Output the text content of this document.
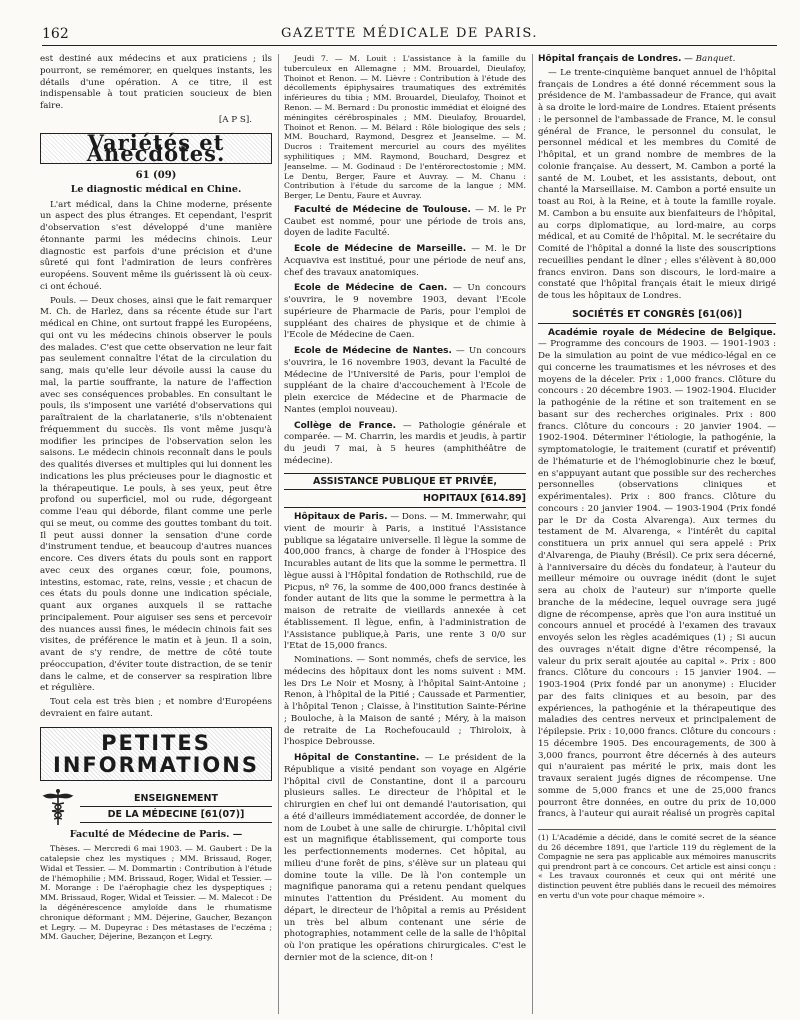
162	GAZETTE MÉDICALE DE PARIS.

est destiné aux médecins et aux praticiens ; ils pourront, se remémorer, en quelques instants, les détails d'une opération. A ce titre, il est indispensable à tout praticien soucieux de bien faire.

[A P S].
Variétés et Anecdotes.
61 (09)
Le diagnostic médical en Chine.

L'art médical, dans la Chine moderne, présente un aspect des plus étranges. Et cependant, l'esprit d'observation s'est développé d'une manière étonnante parmi les médecins chinois. Leur diagnostic est parfois d'une précision et d'une sûreté qui font l'admiration de leurs confrères européens. Souvent même ils guérissent là où ceux-ci ont échoué.

Pouls. — Deux choses, ainsi que le fait remarquer M. Ch. de Harlez, dans sa récente étude sur l'art médical en Chine, ont surtout frappé les Européens, qui ont vu les médecins chinois observer le pouls des malades. C'est que cette observation ne leur fait pas seulement connaître l'état de la circulation du sang, mais qu'elle leur dévoile aussi la cause du mal, la partie souffrante, la nature de l'affection avec ses conséquences probables. En consultant le pouls, ils s'imposent une variété d'observations qui paraîtraient de la charlatanerie, s'ils n'obtenaient fréquemment du succès. Ils vont même jusqu'à modifier les principes de l'observation selon les saisons. Le médecin chinois reconnaît dans le pouls des qualités diverses et multiples qui lui donnent les indications les plus précieuses pour le diagnostic et la thérapeutique. Le pouls, à ses yeux, peut être profond ou superficiel, mol ou rude, dégorgeant comme l'eau qui déborde, filant comme une perle qui se meut, ou comme des gouttes tombant du toit. Il peut aussi donner la sensation d'une corde d'instrument tendue, et beaucoup d'autres nuances encore. Ces divers états du pouls sont en rapport avec ceux des organes cœur, foie, poumons, intestins, estomac, rate, reins, vessie ; et chacun de ces états du pouls donne une indication spéciale, quant aux organes auxquels il se rattache principalement. Pour aiguiser ses sens et percevoir des nuances aussi fines, le médecin chinois fait ses visites, de préférence le matin et à jeun. Il a soin, avant de s'y rendre, de mettre de côté toute préoccupation, d'éviter toute distraction, de se tenir dans le calme, et de conserver sa respiration libre et régulière.

Tout cela est très bien ; et nombre d'Européens devraient en faire autant.

PETITES
INFORMATIONS
ENSEIGNEMENT
DE LA MÉDECINE [61(07)]
Faculté de Médecine de Paris. —

Thèses. — Mercredi 6 mai 1903. — M. Gaubert : De la catalepsie chez les mystiques ; MM. Brissaud, Roger, Widal et Tessier. — M. Dommartin : Contribution à l'étude de l'hémophilie ; MM. Brissaud, Roger, Widal et Tessier. — M. Morange : De l'aérophagie chez les dyspeptiques ; MM. Brissaud, Roger, Widal et Teissier. — M. Malecot : De la dégénérescence amyloïde dans le rhumatisme chronique déformant ; MM. Déjerine, Gaucher, Bezançon et Legry. — M. Dupeyrac : Des métastases de l'eczéma ; MM. Gaucher, Déjerine, Bezançon et Legry.

Jeudi 7. — M. Louit : L'assistance à la famille du tuberculeux en Allemagne ; MM. Brouardel, Dieulafoy, Thoinot et Renon. — M. Lièvre : Contribution à l'étude des décollements épiphysaires traumatiques des extrémités inférieures du tibia ; MM. Brouardel, Dieulafoy, Thoinot et Renon. — M. Bernard : Du pronostic immédiat et éloigné des méningites cérébrospinales ; MM. Dieulafoy, Brouardel, Thoinot et Renon. — M. Bélard : Rôle biologique des sels ; MM. Bouchard, Raymond, Desgrez et Jeanselme. — M. Ducros : Traitement mercuriel au cours des myélites syphilitiques ; MM. Raymond, Bouchard, Desgrez et Jeanselme. — M. Godinaud : De l'entérorectostomie ; MM. Le Dentu, Berger, Faure et Auvray. — M. Chanu : Contribution à l'étude du sarcome de la langue ; MM. Berger, Le Dentu, Faure et Auvray.

Faculté de Médecine de Toulouse. — M. le Pr Caubet est nommé, pour une période de trois ans, doyen de ladite Faculté.

Ecole de Médecine de Marseille. — M. le Dr Acquaviva est institué, pour une période de neuf ans, chef des travaux anatomiques.

Ecole de Médecine de Caen. — Un concours s'ouvrira, le 9 novembre 1903, devant l'Ecole supérieure de Pharmacie de Paris, pour l'emploi de suppléant des chaires de physique et de chimie à l'Ecole de Médecine de Caen.

Ecole de Médecine de Nantes. — Un concours s'ouvrira, le 16 novembre 1903, devant la Faculté de Médecine de l'Université de Paris, pour l'emploi de suppléant de la chaire d'accouchement à l'Ecole de plein exercice de Médecine et de Pharmacie de Nantes (emploi nouveau).

Collège de France. — Pathologie générale et comparée. — M. Charrin, les mardis et jeudis, à partir du jeudi 7 mai, à 5 heures (amphithéâtre de médecine).

ASSISTANCE PUBLIQUE ET PRIVÉE,
HOPITAUX [614.89]

Hôpitaux de Paris. — Dons. — M. Immerwahr, qui vient de mourir à Paris, a institué l'Assistance publique sa légataire universelle. Il lègue la somme de 400,000 francs, à charge de fonder à l'Hospice des Incurables autant de lits que la somme le permettra. Il lègue aussi à l'Hôpital fondation de Rothschild, rue de Picpus, nº 76, la somme de 400,000 francs destinée à fonder autant de lits que la somme le permettra à la maison de retraite de vieillards annexée à cet établissement. Il lègue, enfin, à l'administration de l'Assistance publique,à Paris, une rente 3 0/0 sur l'Etat de 15,000 francs.

Nominations. — Sont nommés, chefs de service, les médecins des hôpitaux dont les noms suivent : MM. les Drs Le Noir et Mosny, à l'hôpital Saint-Antoine ; Renon, à l'hôpital de la Pitié ; Caussade et Parmentier, à l'hôpital Tenon ; Claisse, à l'institution Sainte-Périne ; Bouloche, à la Maison de santé ; Méry, à la maison de retraite de La Rochefoucauld ; Thiroloix, à l'hospice Debrousse.

Hôpital de Constantine. — Le président de la République a visité pendant son voyage en Algérie l'hôpital civil de Constantine, dont il a parcouru plusieurs salles. Le directeur de l'hôpital et le chirurgien en chef lui ont demandé l'autorisation, qui a été d'ailleurs immédiatement accordée, de donner le nom de Loubet à une salle de chirurgie. L'hôpital civil est un magnifique établissement, qui comporte tous les perfectionnements modernes. Cet hôpital, au milieu d'une forêt de pins, s'élève sur un plateau qui domine toute la ville. De là l'on contemple un magnifique panorama qui a retenu pendant quelques minutes l'attention du Président. Au moment du départ, le directeur de l'hôpital a remis au Président un très bel album contenant une série de photographies, notamment celle de la salle de l'hôpital où l'on pratique les opérations chirurgicales. C'est le dernier mot de la science, dit-on !

Hôpital français de Londres. — Banquet.

— Le trente-cinquième banquet annuel de l'hôpital français de Londres a été donné récemment sous la présidence de M. l'ambassadeur de France, qui avait à sa droite le lord-maire de Londres. Etaient présents : le personnel de l'ambassade de France, M. le consul général de France, le personnel du consulat, le personnel médical et les membres du Comité de l'hôpital, et un grand nombre de membres de la colonie française. Au dessert, M. Cambon a porté la santé de M. Loubet, et les assistants, debout, ont chanté la Marseillaise. M. Cambon a porté ensuite un toast au Roi, à la Reine, et à toute la famille royale. M. Cambon a bu ensuite aux bienfaiteurs de l'hôpital, au corps diplomatique, au lord-maire, au corps médical, et au Comité de l'hôpital. M. le secrétaire du Comité de l'hôpital a donné la liste des souscriptions recueillies pendant le dîner ; elles s'élèvent à 80,000 francs environ. Dans son discours, le lord-maire a constaté que l'hôpital français était le mieux dirigé de tous les hôpitaux de Londres.

SOCIÉTÉS ET CONGRÈS [61(06)]

Académie royale de Médecine de Belgique. — Programme des concours de 1903. — 1901-1903 : De la simulation au point de vue médico-légal en ce qui concerne les traumatismes et les névroses et des moyens de la déceler. Prix : 1,000 francs. Clôture du concours : 20 décembre 1903. — 1902-1904. Elucider la pathogénie de la rétine et son traitement en se basant sur des recherches originales. Prix : 800 francs. Clôture du concours : 20 janvier 1904. — 1902-1904. Déterminer l'étiologie, la pathogénie, la symptomatologie, le traitement (curatif et préventif) de l'hématurie et de l'hémoglobinurie chez le bœuf, en s'appuyant autant que possible sur des recherches personnelles (observations cliniques et expérimentales). Prix : 800 francs. Clôture du concours : 20 janvier 1904. — 1903-1904 (Prix fondé par le Dr da Costa Alvarenga). Aux termes du testament de M. Alvarenga, « l'intérêt du capital constituera un prix annuel qui sera appelé : Prix d'Alvarenga, de Piauhy (Brésil). Ce prix sera décerné, à l'anniversaire du décès du fondateur, à l'auteur du meilleur mémoire ou ouvrage inédit (dont le sujet sera au choix de l'auteur) sur n'importe quelle branche de la médecine, lequel ouvrage sera jugé digne de récompense, après que l'on aura institué un concours annuel et procédé à l'examen des travaux envoyés selon les règles académiques (1) ; Si aucun des ouvrages n'était digne d'être récompensé, la valeur du prix serait ajoutée au capital ». Prix : 800 francs. Clôture du concours : 15 janvier 1904. — 1903-1904 (Prix fondé par un anonyme) : Elucider par des faits cliniques et au besoin, par des expériences, la pathogénie et la thérapeutique des maladies des centres nerveux et principalement de l'épilepsie. Prix : 10,000 francs. Clôture du concours : 15 décembre 1905. Des encouragements, de 300 à 3,000 francs, pourront être décernés à des auteurs qui n'auraient pas mérité le prix, mais dont les travaux seraient jugés dignes de récompense. Une somme de 5,000 francs et une de 25,000 francs pourront être données, en outre du prix de 10,000 francs, à l'auteur qui aurait réalisé un progrès capital

(1) L'Académie a décidé, dans le comité secret de la séance du 26 décembre 1891, que l'article 119 du règlement de la Compagnie ne sera pas applicable aux mémoires manuscrits qui prendront part à ce concours. Cet article est ainsi conçu : « Les travaux couronnés et ceux qui ont mérité une distinction peuvent être publiés dans le recueil des mémoires en vertu d'un vote pour chaque mémoire ».
